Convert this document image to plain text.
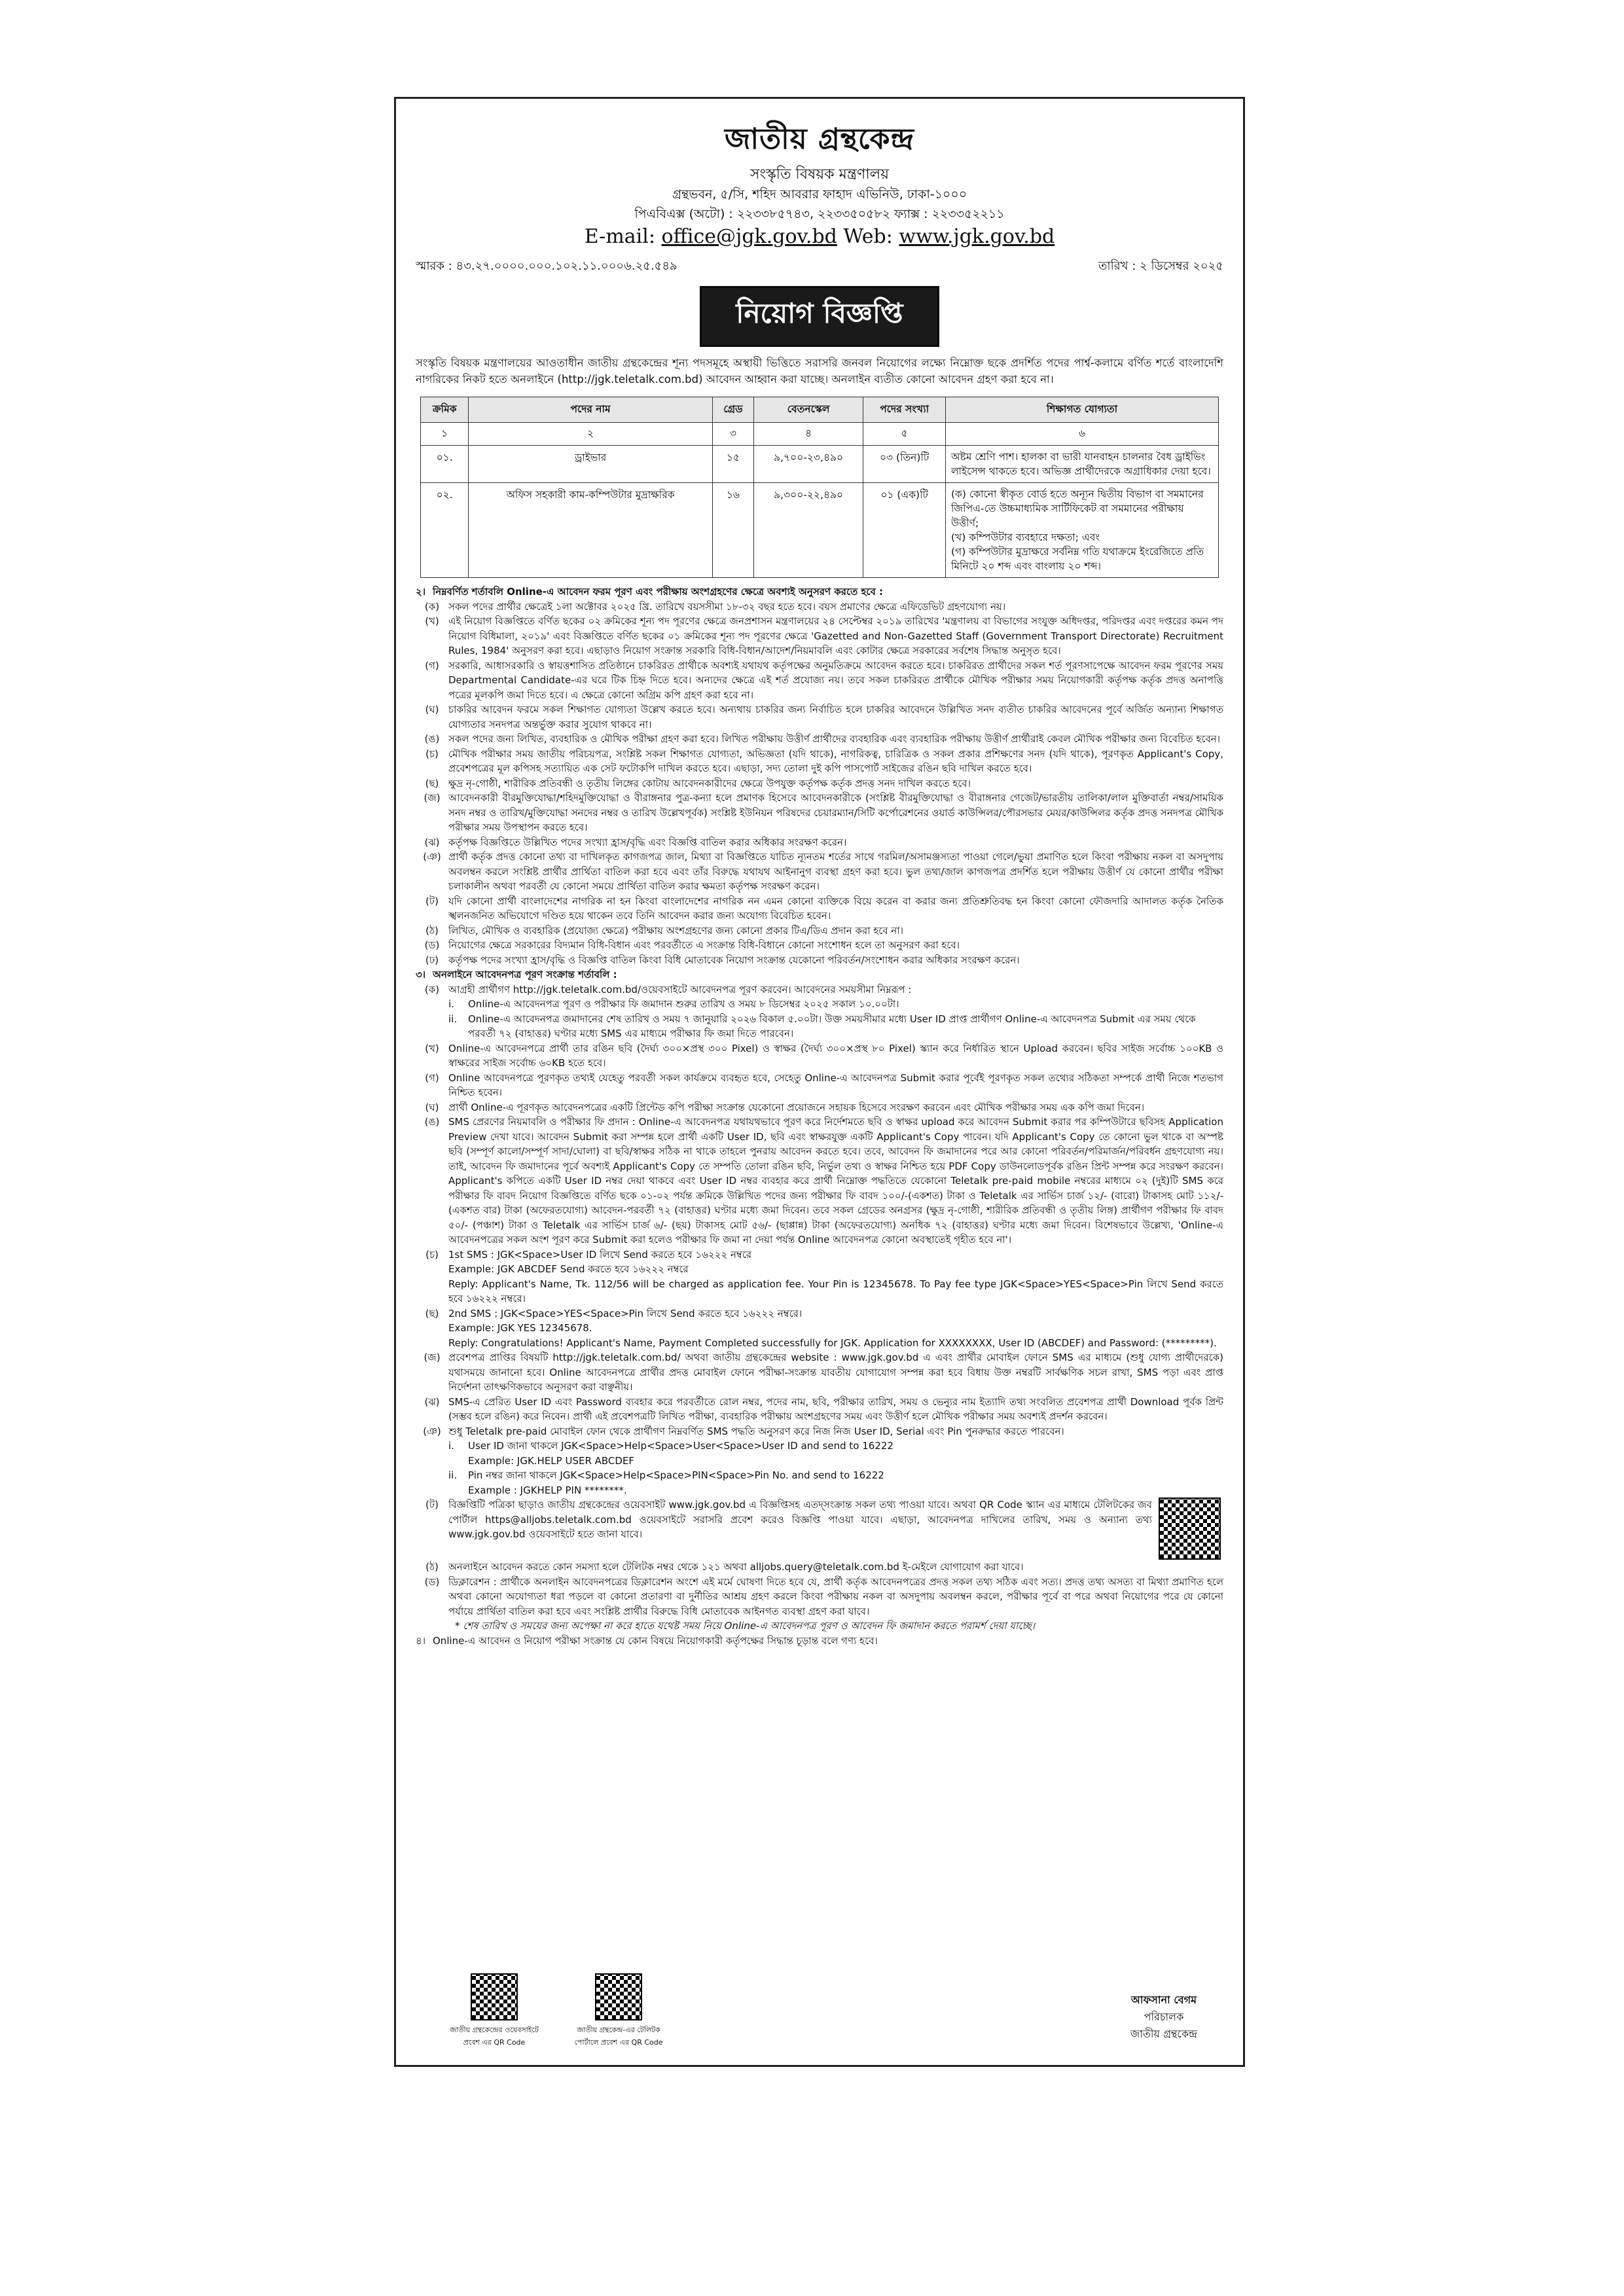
জাতীয় গ্রন্থকেন্দ্র
সংস্কৃতি বিষয়ক মন্ত্রণালয়
গ্রন্থভবন, ৫/সি, শহিদ আবরার ফাহাদ এভিনিউ, ঢাকা-১০০০
পিএবিএক্স (অটো) : ২২৩৩৮৫৭৪৩, ২২৩৩৫০৫৮২ ফ্যাক্স : ২২৩৩৫২২১১
E-mail: office@jgk.gov.bd Web: www.jgk.gov.bd
স্মারক : ৪৩.২৭.০০০০.০০০.১০২.১১.০০০৬.২৫.৫৪৯	তারিখ : ২ ডিসেম্বর ২০২৫
নিয়োগ বিজ্ঞপ্তি
সংস্কৃতি বিষয়ক মন্ত্রণালয়ের আওতাধীন জাতীয় গ্রন্থকেন্দ্রের শূন্য পদসমূহে অস্থায়ী ভিত্তিতে সরাসরি জনবল নিয়োগের লক্ষ্যে নিম্নোক্ত ছকে প্রদর্শিত পদের পার্শ্ব-কলামে বর্ণিত শর্তে বাংলাদেশি নাগরিকের নিকট হতে অনলাইনে (http://jgk.teletalk.com.bd) আবেদন আহ্বান করা যাচ্ছে। অনলাইন ব্যতীত কোনো আবেদন গ্রহণ করা হবে না।
ক্রমিক	পদের নাম	গ্রেড	বেতনস্কেল	পদের সংখ্যা	শিক্ষাগত যোগ্যতা
১	২	৩	৪	৫	৬
০১.	ড্রাইভার	১৫	৯,৭০০-২৩,৪৯০	০৩ (তিন)টি	অষ্টম শ্রেণি পাশ। হালকা বা ভারী যানবাহন চালনার বৈধ ড্রাইভিং লাইসেন্স থাকতে হবে। অভিজ্ঞ প্রার্থীদেরকে অগ্রাধিকার দেয়া হবে।

০২.	অফিস সহকারী কাম-কম্পিউটার মুদ্রাক্ষরিক	১৬	৯,৩০০-২২,৪৯০	০১ (এক)টি	(ক) কোনো স্বীকৃত বোর্ড হতে অন্যূন দ্বিতীয় বিভাগ বা সমমানের জিপিএ-তে উচ্চমাধ্যমিক সার্টিফিকেট বা সমমানের পরীক্ষায় উত্তীর্ণ;
(খ) কম্পিউটার ব্যবহারে দক্ষতা; এবং
(গ) কম্পিউটার মুদ্রাক্ষরে সর্বনিম্ন গতি যথাক্রমে ইংরেজিতে প্রতি মিনিটে ২০ শব্দ এবং বাংলায় ২০ শব্দ।
২। নিম্নবর্ণিত শর্তাবলি Online-এ আবেদন ফরম পূরণ এবং পরীক্ষায় অংশগ্রহণের ক্ষেত্রে অবশ্যই অনুসরণ করতে হবে :
(ক) সকল পদের প্রার্থীর ক্ষেত্রেই ১লা অক্টোবর ২০২৫ খ্রি. তারিখে বয়সসীমা ১৮-৩২ বছর হতে হবে। বয়স প্রমাণের ক্ষেত্রে এফিডেভিট গ্রহণযোগ্য নয়।
(খ) এই নিয়োগ বিজ্ঞপ্তিতে বর্ণিত ছকের ০২ ক্রমিকের শূন্য পদ পূরণের ক্ষেত্রে জনপ্রশাসন মন্ত্রণালয়ের ২৪ সেপ্টেম্বর ২০১৯ তারিখের 'মন্ত্রণালয় বা বিভাগের সংযুক্ত অধিদপ্তর, পরিদপ্তর এবং দপ্তরের কমন পদ নিয়োগ বিধিমালা, ২০১৯' এবং বিজ্ঞপ্তিতে বর্ণিত ছকের ০১ ক্রমিকের শূন্য পদ পূরণের ক্ষেত্রে 'Gazetted and Non-Gazetted Staff (Government Transport Directorate) Recruitment Rules, 1984' অনুসরণ করা হবে। এছাড়াও নিয়োগ সংক্রান্ত সরকারি বিধি-বিধান/আদেশ/নিয়মাবলি এবং কোটার ক্ষেত্রে সরকারের সর্বশেষ সিদ্ধান্ত অনুসৃত হবে।
(গ) সরকারি, আধাসরকারি ও স্বায়ত্তশাসিত প্রতিষ্ঠানে চাকরিরত প্রার্থীকে অবশ্যই যথাযথ কর্তৃপক্ষের অনুমতিক্রমে আবেদন করতে হবে। চাকরিরত প্রার্থীদের সকল শর্ত পূরণসাপেক্ষে আবেদন ফরম পূরণের সময় Departmental Candidate-এর ঘরে টিক চিহ্ন দিতে হবে। অন্যদের ক্ষেত্রে এই শর্ত প্রযোজ্য নয়। তবে সকল চাকরিরত প্রার্থীকে মৌখিক পরীক্ষার সময় নিয়োগকারী কর্তৃপক্ষ কর্তৃক প্রদত্ত অনাপত্তি পত্রের মূলকপি জমা দিতে হবে। এ ক্ষেত্রে কোনো অগ্রিম কপি গ্রহণ করা হবে না।
(ঘ) চাকরির আবেদন ফরমে সকল শিক্ষাগত যোগ্যতা উল্লেখ করতে হবে। অন্যথায় চাকরির জন্য নির্বাচিত হলে চাকরির আবেদনে উল্লিখিত সনদ ব্যতীত চাকরির আবেদনের পূর্বে অর্জিত অন্যান্য শিক্ষাগত যোগ্যতার সনদপত্র অন্তর্ভুক্ত করার সুযোগ থাকবে না।
(ঙ) সকল পদের জন্য লিখিত, ব্যবহারিক ও মৌখিক পরীক্ষা গ্রহণ করা হবে। লিখিত পরীক্ষায় উত্তীর্ণ প্রার্থীদের ব্যবহারিক এবং ব্যবহারিক পরীক্ষায় উত্তীর্ণ প্রার্থীরাই কেবল মৌখিক পরীক্ষার জন্য বিবেচিত হবেন।
(চ)	মৌখিক পরীক্ষার সময় জাতীয় পরিচয়পত্র, সংশ্লিষ্ট সকল শিক্ষাগত যোগ্যতা, অভিজ্ঞতা (যদি থাকে), নাগরিকত্ব, চারিত্রিক ও সকল প্রকার প্রশিক্ষণের সনদ (যদি থাকে), পূরণকৃত Applicant's Copy, প্রবেশপত্রের মূল কপিসহ সত্যায়িত এক সেট ফটোকপি দাখিল করতে হবে। এছাড়া, সদ্য তোলা দুই কপি পাসপোর্ট সাইজের রঙিন ছবি দাখিল করতে হবে।
(ছ) ক্ষুদ্র নৃ-গোষ্ঠী, শারীরিক প্রতিবন্ধী ও তৃতীয় লিঙ্গের কোটায় আবেদনকারীদের ক্ষেত্রে উপযুক্ত কর্তৃপক্ষ কর্তৃক প্রদত্ত সনদ দাখিল করতে হবে।
(জ) আবেদনকারী বীরমুক্তিযোদ্ধা/শহিদমুক্তিযোদ্ধা ও বীরাঙ্গনার পুত্র-কন্যা হলে প্রমাণক হিসেবে আবেদনকারীকে (সংশ্লিষ্ট বীরমুক্তিযোদ্ধা ও বীরাঙ্গনার গেজেট/ভারতীয় তালিকা/লাল মুক্তিবার্তা নম্বর/সাময়িক সনদ নম্বর ও তারিখ/মুক্তিযোদ্ধা সনদের নম্বর ও তারিখ উল্লেখপূর্বক) সংশ্লিষ্ট ইউনিয়ন পরিষদের চেয়ারম্যান/সিটি কর্পোরেশনের ওয়ার্ড কাউন্সিলর/পৌরসভার মেয়র/কাউন্সিলর কর্তৃক প্রদত্ত সনদপত্র মৌখিক পরীক্ষার সময় উপস্থাপন করতে হবে।
(ঝ) কর্তৃপক্ষ বিজ্ঞপ্তিতে উল্লিখিত পদের সংখ্যা হ্রাস/বৃদ্ধি এবং বিজ্ঞপ্তি বাতিল করার অধিকার সংরক্ষণ করেন।
(ঞ) প্রার্থী কর্তৃক প্রদত্ত কোনো তথ্য বা দাখিলকৃত কাগজপত্র জাল, মিথ্যা বা বিজ্ঞপ্তিতে যাচিত ন্যূনতম শর্তের সাথে গরমিল/অসামঞ্জস্যতা পাওয়া গেলে/ভুয়া প্রমাণিত হলে কিংবা পরীক্ষায় নকল বা অসদুপায় অবলম্বন করলে সংশ্লিষ্ট প্রার্থীর প্রার্থিতা বাতিল করা হবে এবং তাঁর বিরুদ্ধে যথাযথ আইনানুগ ব্যবস্থা গ্রহণ করা হবে। ভুল তথ্য/জাল কাগজপত্র প্রদর্শিত হলে পরীক্ষায় উত্তীর্ণ যে কোনো প্রার্থীর পরীক্ষা চলাকালীন অথবা পরবর্তী যে কোনো সময়ে প্রার্থিতা বাতিল করার ক্ষমতা কর্তৃপক্ষ সংরক্ষণ করেন।
(ট)	যদি কোনো প্রার্থী বাংলাদেশের নাগরিক না হন কিংবা বাংলাদেশের নাগরিক নন এমন কোনো ব্যক্তিকে বিয়ে করেন বা করার জন্য প্রতিশ্রুতিবদ্ধ হন কিংবা কোনো ফৌজদারি আদালত কর্তৃক নৈতিক স্খলনজনিত অভিযোগে দণ্ডিত হয়ে থাকেন তবে তিনি আবেদন করার জন্য অযোগ্য বিবেচিত হবেন।
(ঠ)	লিখিত, মৌখিক ও ব্যবহারিক (প্রযোজ্য ক্ষেত্রে) পরীক্ষায় অংশগ্রহণের জন্য কোনো প্রকার টিএ/ডিএ প্রদান করা হবে না।
(ড) নিয়োগের ক্ষেত্রে সরকারের বিদ্যমান বিধি-বিধান এবং পরবর্তীতে এ সংক্রান্ত বিধি-বিধানে কোনো সংশোধন হলে তা অনুসরণ করা হবে।
(ঢ) কর্তৃপক্ষ পদের সংখ্যা হ্রাস/বৃদ্ধি ও বিজ্ঞপ্তি বাতিল কিংবা বিধি মোতাবেক নিয়োগ সংক্রান্ত যেকোনো পরিবর্তন/সংশোধন করার অধিকার সংরক্ষণ করেন।
৩। অনলাইনে আবেদনপত্র পূরণ সংক্রান্ত শর্তাবলি :
(ক) আগ্রহী প্রার্থীগণ http://jgk.teletalk.com.bd/ওয়েবসাইটে আবেদনপত্র পূরণ করবেন। আবেদনের সময়সীমা নিম্নরূপ :
i.	Online-এ আবেদনপত্র পূরণ ও পরীক্ষার ফি জমাদান শুরুর তারিখ ও সময় ৮ ডিসেম্বর ২০২৫ সকাল ১০.০০টা।
ii.	Online-এ আবেদনপত্র জমাদানের শেষ তারিখ ও সময় ৭ জানুয়ারি ২০২৬ বিকাল ৫.০০টা। উক্ত সময়সীমার মধ্যে User ID প্রাপ্ত প্রার্থীগণ Online-এ আবেদনপত্র Submit এর সময় থেকে পরবর্তী ৭২ (বাহাত্তর) ঘণ্টার মধ্যে SMS এর মাধ্যমে পরীক্ষার ফি জমা দিতে পারবেন।
(খ) Online-এ আবেদনপত্রে প্রার্থী তার রঙিন ছবি (দৈর্ঘ্য ৩০০×প্রস্থ ৩০০ Pixel) ও স্বাক্ষর (দৈর্ঘ্য ৩০০×প্রস্থ ৮০ Pixel) স্ক্যান করে নির্ধারিত স্থানে Upload করবেন। ছবির সাইজ সর্বোচ্চ ১০০KB ও স্বাক্ষরের সাইজ সর্বোচ্চ ৬০KB হতে হবে।
(গ) Online আবেদনপত্রে পূরণকৃত তথ্যই যেহেতু পরবর্তী সকল কার্যক্রমে ব্যবহৃত হবে, সেহেতু Online-এ আবেদনপত্র Submit করার পূর্বেই পূরণকৃত সকল তথ্যের সঠিকতা সম্পর্কে প্রার্থী নিজে শতভাগ নিশ্চিত হবেন।
(ঘ) প্রার্থী Online-এ পূরণকৃত আবেদনপত্রের একটি প্রিন্টেড কপি পরীক্ষা সংক্রান্ত যেকোনো প্রয়োজনে সহায়ক হিসেবে সংরক্ষণ করবেন এবং মৌখিক পরীক্ষার সময় এক কপি জমা দিবেন।
(ঙ) SMS প্রেরণের নিয়মাবলি ও পরীক্ষার ফি প্রদান : Online-এ আবেদনপত্র যথাযথভাবে পূরণ করে নির্দেশমতে ছবি ও স্বাক্ষর upload করে আবেদন Submit করার পর কম্পিউটারে ছবিসহ Application Preview দেখা যাবে। আবেদন Submit করা সম্পন্ন হলে প্রার্থী একটি User ID, ছবি এবং স্বাক্ষরযুক্ত একটি Applicant's Copy পাবেন। যদি Applicant's Copy তে কোনো ভুল থাকে বা অস্পষ্ট ছবি (সম্পূর্ণ কালো/সম্পূর্ণ সাদা/ঘোলা) বা ছবি/স্বাক্ষর সঠিক না থাকে তাহলে পুনরায় আবেদন করতে হবে। তবে, আবেদন ফি জমাদানের পরে আর কোনো পরিবর্তন/পরিমার্জন/পরিবর্ধন গ্রহণযোগ্য নয়। তাই, আবেদন ফি জমাদানের পূর্বে অবশ্যই Applicant's Copy তে সম্পতি তোলা রঙিন ছবি, নির্ভুল তথ্য ও স্বাক্ষর নিশ্চিত হয়ে PDF Copy ডাউনলোডপূর্বক রঙিন প্রিন্ট সম্পন্ন করে সংরক্ষণ করবেন। Applicant's কপিতে একটি User ID নম্বর দেয়া থাকবে এবং User ID নম্বর ব্যবহার করে প্রার্থী নিম্নোক্ত পদ্ধতিতে যেকোনো Teletalk pre-paid mobile নম্বরের মাধ্যমে ০২ (দুই)টি SMS করে পরীক্ষার ফি বাবদ নিয়োগ বিজ্ঞপ্তিতে বর্ণিত ছকে ০১-০২ পর্যন্ত ক্রমিকে উল্লিখিত পদের জন্য পরীক্ষার ফি বাবদ ১০০/-(একশত) টাকা ও Teletalk এর সার্ভিস চার্জ ১২/- (বারো) টাকাসহ মোট ১১২/- (একশত বার) টাকা (অফেরতযোগ্য) আবেদন-পরবর্তী ৭২ (বাহাত্তর) ঘণ্টার মধ্যে জমা দিবেন। তবে সকল গ্রেডের অনগ্রসর (ক্ষুদ্র নৃ-গোষ্ঠী, শারীরিক প্রতিবন্ধী ও তৃতীয় লিঙ্গ) প্রার্থীগণ পরীক্ষার ফি বাবদ ৫০/- (পঞ্চাশ) টাকা ও Teletalk এর সার্ভিস চার্জ ৬/- (ছয়) টাকাসহ মোট ৫৬/- (ছাপ্পান্ন) টাকা (অফেরতযোগ্য) অনধিক ৭২ (বাহাত্তর) ঘণ্টার মধ্যে জমা দিবেন। বিশেষভাবে উল্লেখ্য, 'Online-এ আবেদনপত্রের সকল অংশ পূরণ করে Submit করা হলেও পরীক্ষার ফি জমা না দেয়া পর্যন্ত Online আবেদনপত্র কোনো অবস্থাতেই গৃহীত হবে না'।
(চ)	1st SMS : JGK<Space>User ID লিখে Send করতে হবে ১৬২২২ নম্বরে
Example: JGK ABCDEF Send করতে হবে ১৬২২২ নম্বরে
Reply: Applicant's Name, Tk. 112/56 will be charged as application fee. Your Pin is 12345678. To Pay fee type JGK<Space>YES<Space>Pin লিখে Send করতে হবে ১৬২২২ নম্বরে।
(ছ) 2nd SMS : JGK<Space>YES<Space>Pin লিখে Send করতে হবে ১৬২২২ নম্বরে।
Example: JGK YES 12345678.
Reply: Congratulations! Applicant's Name, Payment Completed successfully for JGK. Application for XXXXXXXX, User ID (ABCDEF) and Password: (*********).
(জ) প্রবেশপত্র প্রাপ্তির বিষয়টি http://jgk.teletalk.com.bd/ অথবা জাতীয় গ্রন্থকেন্দ্রের website : www.jgk.gov.bd এ এবং প্রার্থীর মোবাইল ফোনে SMS এর মাধ্যমে (শুধু যোগ্য প্রার্থীদেরকে) যথাসময়ে জানানো হবে। Online আবেদনপত্রে প্রার্থীর প্রদত্ত মোবাইল ফোনে পরীক্ষা-সংক্রান্ত যাবতীয় যোগাযোগ সম্পন্ন করা হবে বিধায় উক্ত নম্বরটি সার্বক্ষণিক সচল রাখা, SMS পড়া এবং প্রাপ্ত নির্দেশনা তাৎক্ষণিকভাবে অনুসরণ করা বাঞ্ছনীয়।
(ঝ) SMS-এ প্রেরিত User ID এবং Password ব্যবহার করে পরবর্তীতে রোল নম্বর, পদের নাম, ছবি, পরীক্ষার তারিখ, সময় ও ভেন্যুর নাম ইত্যাদি তথ্য সংবলিত প্রবেশপত্র প্রার্থী Download পূর্বক প্রিন্ট (সম্ভব হলে রঙিন) করে নিবেন। প্রার্থী এই প্রবেশপত্রটি লিখিত পরীক্ষা, ব্যবহারিক পরীক্ষায় অংশগ্রহণের সময় এবং উত্তীর্ণ হলে মৌখিক পরীক্ষার সময় অবশ্যই প্রদর্শন করবেন।
(ঞ) শুধু Teletalk pre-paid মোবাইল ফোন থেকে প্রার্থীগণ নিম্নবর্ণিত SMS পদ্ধতি অনুসরণ করে নিজ নিজ User ID, Serial এবং Pin পুনরুদ্ধার করতে পারবেন।
i.	User ID জানা থাকলে JGK<Space>Help<Space>User<Space>User ID and send to 16222
Example: JGK.HELP USER ABCDEF
ii.	Pin নম্বর জানা থাকলে JGK<Space>Help<Space>PIN<Space>Pin No. and send to 16222
Example : JGKHELP PIN ********.
(ট)	বিজ্ঞপ্তিটি পত্রিকা ছাড়াও জাতীয় গ্রন্থকেন্দ্রের ওয়েবসাইট www.jgk.gov.bd এ বিজ্ঞপ্তিসহ এতদ্সংক্রান্ত সকল তথ্য পাওয়া যাবে। অথবা QR Code স্ক্যান এর মাধ্যমে টেলিটকের জব পোর্টাল https@alljobs.teletalk.com.bd ওয়েবসাইটে সরাসরি প্রবেশ করেও বিজ্ঞপ্তি পাওয়া যাবে। এছাড়া, আবেদনপত্র দাখিলের তারিখ, সময় ও অন্যান্য তথ্য www.jgk.gov.bd ওয়েবসাইটে হতে জানা যাবে।
(ঠ)	অনলাইনে আবেদন করতে কোন সমস্যা হলে টেলিটক নম্বর থেকে ১২১ অথবা alljobs.query@teletalk.com.bd ই-মেইলে যোগাযোগ করা যাবে।
(ড) ডিক্লারেশন : প্রার্থীকে অনলাইন আবেদনপত্রের ডিক্লারেশন অংশে এই মর্মে ঘোষণা দিতে হবে যে, প্রার্থী কর্তৃক আবেদনপত্রের প্রদত্ত সকল তথ্য সঠিক এবং সত্য। প্রদত্ত তথ্য অসত্য বা মিথ্যা প্রমাণিত হলে অথবা কোনো অযোগ্যতা ধরা পড়লে বা কোনো প্রতারণা বা দুর্নীতির আশ্রয় গ্রহণ করলে কিংবা পরীক্ষায় নকল বা অসদুপায় অবলম্বন করলে, পরীক্ষার পূর্বে বা পরে অথবা নিয়োগের পরে যে কোনো পর্যায়ে প্রার্থিতা বাতিল করা হবে এবং সংশ্লিষ্ট প্রার্থীর বিরুদ্ধে বিধি মোতাবেক আইনগত ব্যবস্থা গ্রহণ করা যাবে।
* শেষ তারিখ ও সময়ের জন্য অপেক্ষা না করে হাতে যথেষ্ট সময় নিয়ে Online-এ আবেদনপত্র পূরণ ও আবেদন ফি জমাদান করতে পরামর্শ দেয়া যাচ্ছে।
৪। Online-এ আবেদন ও নিয়োগ পরীক্ষা সংক্রান্ত যে কোন বিষয়ে নিয়োগকারী কর্তৃপক্ষের সিদ্ধান্ত চূড়ান্ত বলে গণ্য হবে।
জাতীয় গ্রন্থকেন্দ্রের ওয়েবসাইটে প্রবেশ এর QR Code
জাতীয় গ্রন্থকেন্দ্র-এর টেলিটক পোর্টালে প্রবেশ এর QR Code
আফসানা বেগম
পরিচালক
জাতীয় গ্রন্থকেন্দ্র
